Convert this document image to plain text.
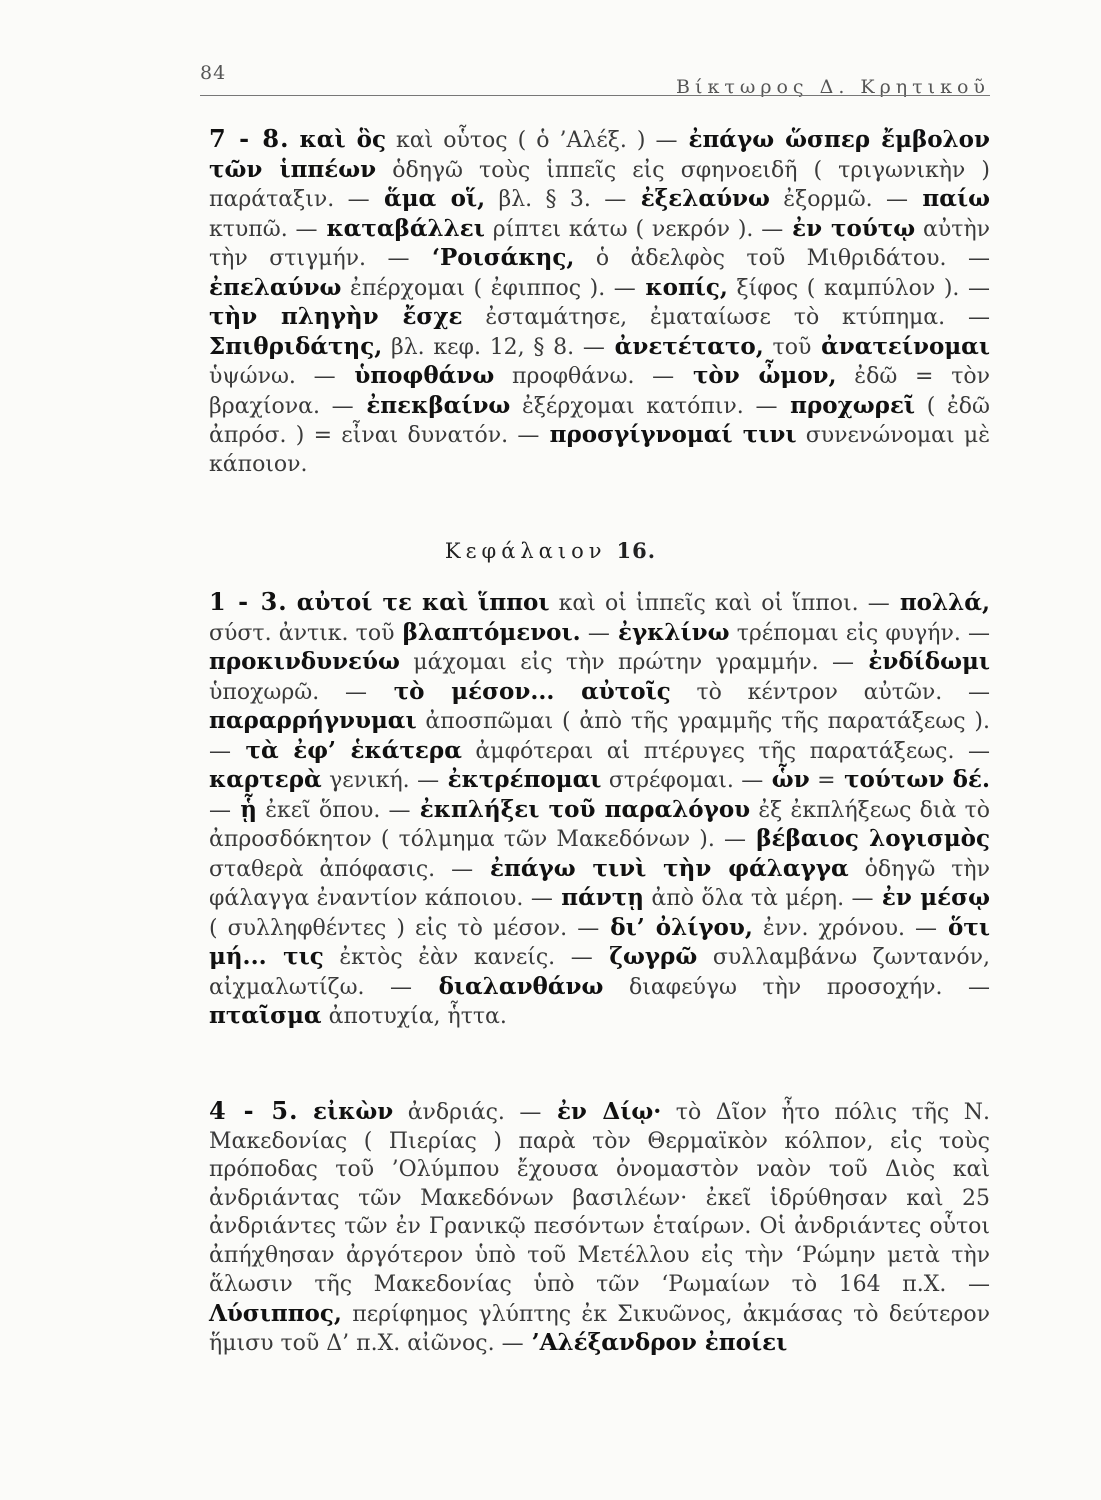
84
Βίκτωρος Δ. Κρητικοῦ
7 - 8. καὶ ὃς καὶ οὗτος ( ὁ ’Αλέξ. ) — ἐπάγω ὥσπερ ἔμβολον τῶν ἱππέων ὁδηγῶ τοὺς ἱππεῖς εἰς σφηνοειδῆ ( τριγωνικὴν ) παράταξιν. — ἅμα οἵ, βλ. § 3. — ἐξελαύνω ἐξορμῶ. — παίω κτυπῶ. — καταβάλλει ρίπτει κάτω ( νεκρόν ). — ἐν τούτῳ αὐτὴν τὴν στιγμήν. — ‘Ροισάκης, ὁ ἀδελφὸς τοῦ Μιθριδάτου. — ἐπελαύνω ἐπέρχομαι ( ἐφιππος ). — κοπίς, ξίφος ( καμπύλον ). — τὴν πληγὴν ἔσχε ἐσταμάτησε, ἐματαίωσε τὸ κτύπημα. — Σπιθριδάτης, βλ. κεφ. 12, § 8. — ἀνετέτατο, τοῦ ἀνατείνομαι ὑψώνω. — ὑποφθάνω προφθάνω. — τὸν ὦμον, ἐδῶ = τὸν βραχίονα. — ἐπεκβαίνω ἐξέρχομαι κατόπιν. — προχωρεῖ ( ἐδῶ ἀπρόσ. ) = εἶναι δυνατόν. — προσγίγνομαί τινι συνενώνομαι μὲ κάποιον.
Κεφάλαιον 16.
1 - 3. αὐτοί τε καὶ ἵπποι καὶ οἱ ἱππεῖς καὶ οἱ ἵπποι. — πολλά, σύστ. ἀντικ. τοῦ βλαπτόμενοι. — ἐγκλίνω τρέπομαι εἰς φυγήν. — προκινδυνεύω μάχομαι εἰς τὴν πρώτην γραμμήν. — ἐνδίδωμι ὑποχωρῶ. — τὸ μέσον... αὐτοῖς τὸ κέντρον αὐτῶν. — παραρρήγνυμαι ἀποσπῶμαι ( ἀπὸ τῆς γραμμῆς τῆς παρατάξεως ). — τὰ ἐφ’ ἑκάτερα ἀμφότεραι αἱ πτέρυγες τῆς παρατάξεως. — καρτερὰ γενική. — ἐκτρέπομαι στρέφομαι. — ὧν = τούτων δέ. — ᾗ ἐκεῖ ὅπου. — ἐκπλήξει τοῦ παραλόγου ἐξ ἐκπλήξεως διὰ τὸ ἀπροσδόκητον ( τόλμημα τῶν Μακεδόνων ). — βέβαιος λογισμὸς σταθερὰ ἀπόφασις. — ἐπάγω τινὶ τὴν φάλαγγα ὁδηγῶ τὴν φάλαγγα ἐναντίον κάποιου. — πάντῃ ἀπὸ ὅλα τὰ μέρη. — ἐν μέσῳ ( συλληφθέντες ) εἰς τὸ μέσον. — δι’ ὀλίγου, ἐνν. χρόνου. — ὅτι μή... τις ἐκτὸς ἐὰν κανείς. — ζωγρῶ συλλαμβάνω ζωντανόν, αἰχμαλωτίζω. — διαλανθάνω διαφεύγω τὴν προσοχήν. — πταῖσμα ἀποτυχία, ἧττα.
4 - 5. εἰκὼν ἀνδριάς. — ἐν Δίῳ· τὸ Δῖον ἦτο πόλις τῆς Ν. Μακεδονίας ( Πιερίας ) παρὰ τὸν Θερμαϊκὸν κόλπον, εἰς τοὺς πρόποδας τοῦ ’Ολύμπου ἔχουσα ὀνομαστὸν ναὸν τοῦ Διὸς καὶ ἀνδριάντας τῶν Μακεδόνων βασιλέων· ἐκεῖ ἱδρύθησαν καὶ 25 ἀνδριάντες τῶν ἐν Γρανικῷ πεσόντων ἑταίρων. Οἱ ἀνδριάντες οὗτοι ἀπήχθησαν ἀργότερον ὑπὸ τοῦ Μετέλλου εἰς τὴν ‘Ρώμην μετὰ τὴν ἅλωσιν τῆς Μακεδονίας ὑπὸ τῶν ‘Ρωμαίων τὸ 164 π.Χ. — Λύσιππος, περίφημος γλύπτης ἐκ Σικυῶνος, ἀκμάσας τὸ δεύτερον ἥμισυ τοῦ Δ’ π.Χ. αἰῶνος. — ’Αλέξανδρον ἐποίει
